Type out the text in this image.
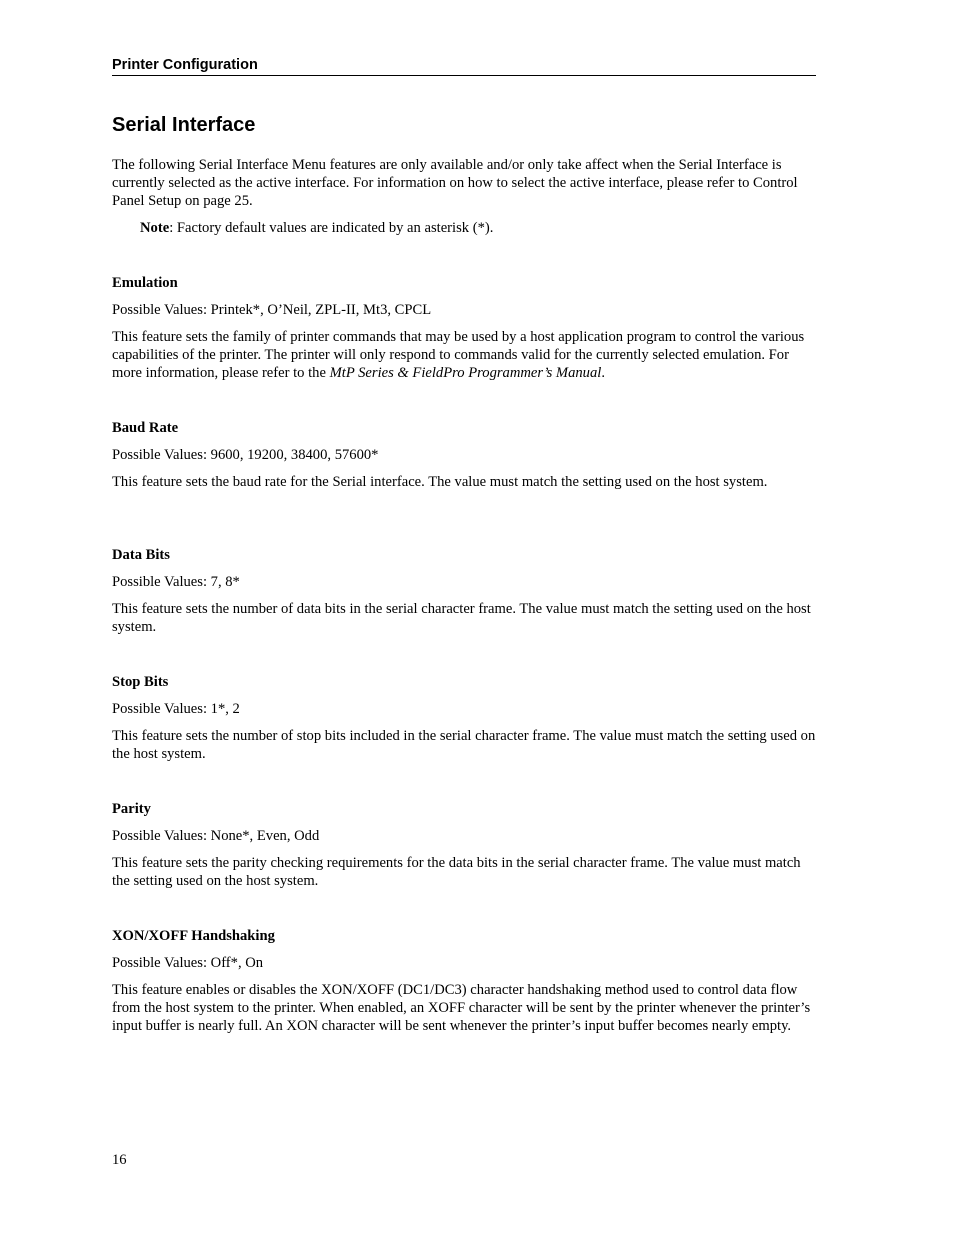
Printer Configuration
Serial Interface

The following Serial Interface Menu features are only available and/or only take affect when the Serial Interface is currently selected as the active interface. For information on how to select the active interface, please refer to Control Panel Setup on page 25.

Note: Factory default values are indicated by an asterisk (*).

Emulation

Possible Values: Printek*, O’Neil, ZPL-II, Mt3, CPCL

This feature sets the family of printer commands that may be used by a host application program to control the various capabilities of the printer. The printer will only respond to commands valid for the currently selected emulation. For more information, please refer to the MtP Series & FieldPro Programmer’s Manual.

Baud Rate

Possible Values: 9600, 19200, 38400, 57600*

This feature sets the baud rate for the Serial interface. The value must match the setting used on the host system.

Data Bits

Possible Values: 7, 8*

This feature sets the number of data bits in the serial character frame. The value must match the setting used on the host system.

Stop Bits

Possible Values: 1*, 2

This feature sets the number of stop bits included in the serial character frame. The value must match the setting used on the host system.

Parity

Possible Values: None*, Even, Odd

This feature sets the parity checking requirements for the data bits in the serial character frame. The value must match the setting used on the host system.

XON/XOFF Handshaking

Possible Values: Off*, On

This feature enables or disables the XON/XOFF (DC1/DC3) character handshaking method used to control data flow from the host system to the printer. When enabled, an XOFF character will be sent by the printer whenever the printer’s input buffer is nearly full. An XON character will be sent whenever the printer’s input buffer becomes nearly empty.

16
